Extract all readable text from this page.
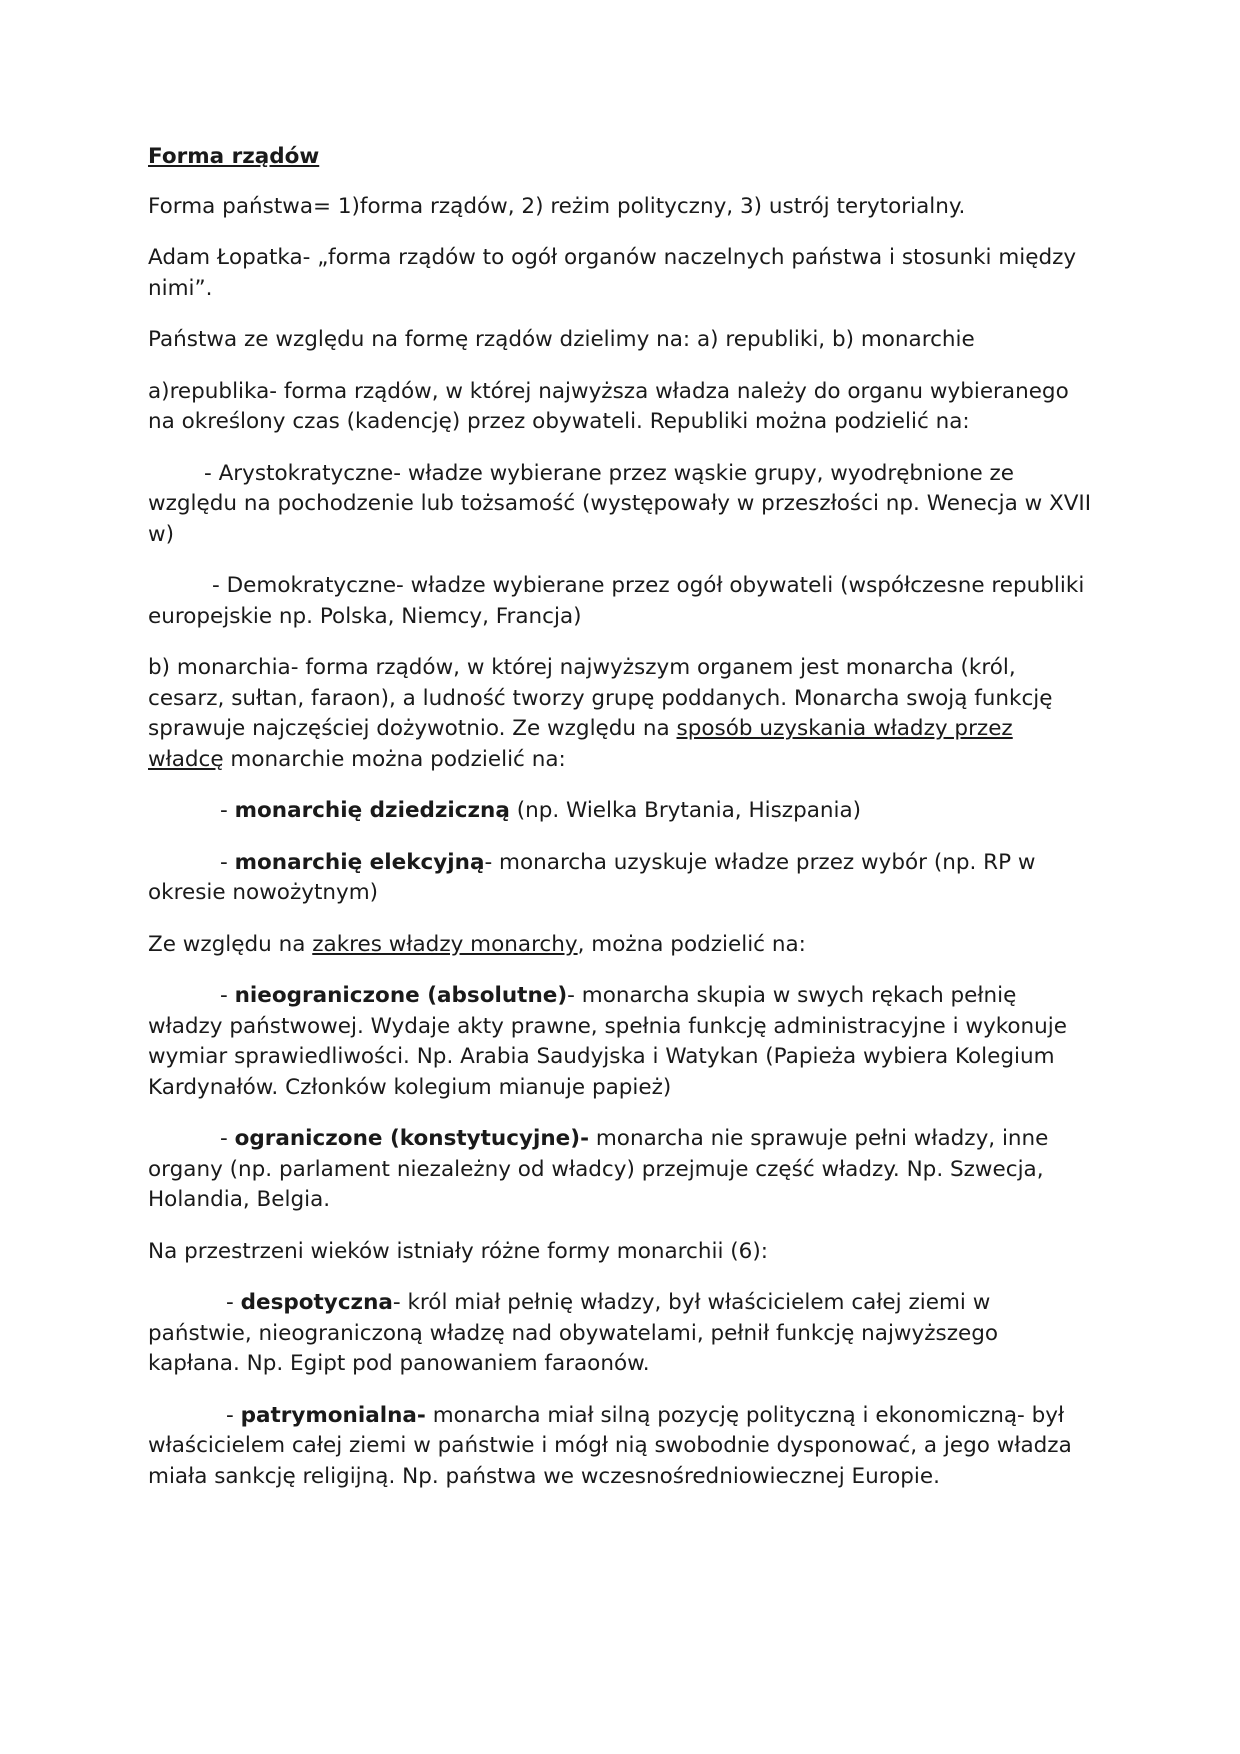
Forma rządów

Forma państwa= 1)forma rządów, 2) reżim polityczny, 3) ustrój terytorialny.

Adam Łopatka- „forma rządów to ogół organów naczelnych państwa i stosunki między nimi”.

Państwa ze względu na formę rządów dzielimy na: a) republiki, b) monarchie

a)republika- forma rządów, w której najwyższa władza należy do organu wybieranego na określony czas (kadencję) przez obywateli. Republiki można podzielić na:

- Arystokratyczne- władze wybierane przez wąskie grupy, wyodrębnione ze względu na pochodzenie lub tożsamość (występowały w przeszłości np. Wenecja w XVII w)

- Demokratyczne- władze wybierane przez ogół obywateli (współczesne republiki europejskie np. Polska, Niemcy, Francja)

b) monarchia- forma rządów, w której najwyższym organem jest monarcha (król, cesarz, sułtan, faraon), a ludność tworzy grupę poddanych. Monarcha swoją funkcję sprawuje najczęściej dożywotnio. Ze względu na sposób uzyskania władzy przez władcę monarchie można podzielić na:

- monarchię dziedziczną (np. Wielka Brytania, Hiszpania)

- monarchię elekcyjną- monarcha uzyskuje władze przez wybór (np. RP w okresie nowożytnym)

Ze względu na zakres władzy monarchy, można podzielić na:

- nieograniczone (absolutne)- monarcha skupia w swych rękach pełnię władzy państwowej. Wydaje akty prawne, spełnia funkcję administracyjne i wykonuje wymiar sprawiedliwości. Np. Arabia Saudyjska i Watykan (Papieża wybiera Kolegium Kardynałów. Członków kolegium mianuje papież)

- ograniczone (konstytucyjne)- monarcha nie sprawuje pełni władzy, inne organy (np. parlament niezależny od władcy) przejmuje część władzy. Np. Szwecja, Holandia, Belgia.

Na przestrzeni wieków istniały różne formy monarchii (6):

- despotyczna- król miał pełnię władzy, był właścicielem całej ziemi w państwie, nieograniczoną władzę nad obywatelami, pełnił funkcję najwyższego kapłana. Np. Egipt pod panowaniem faraonów.

- patrymonialna- monarcha miał silną pozycję polityczną i ekonomiczną- był właścicielem całej ziemi w państwie i mógł nią swobodnie dysponować, a jego władza miała sankcję religijną. Np. państwa we wczesnośredniowiecznej Europie.
